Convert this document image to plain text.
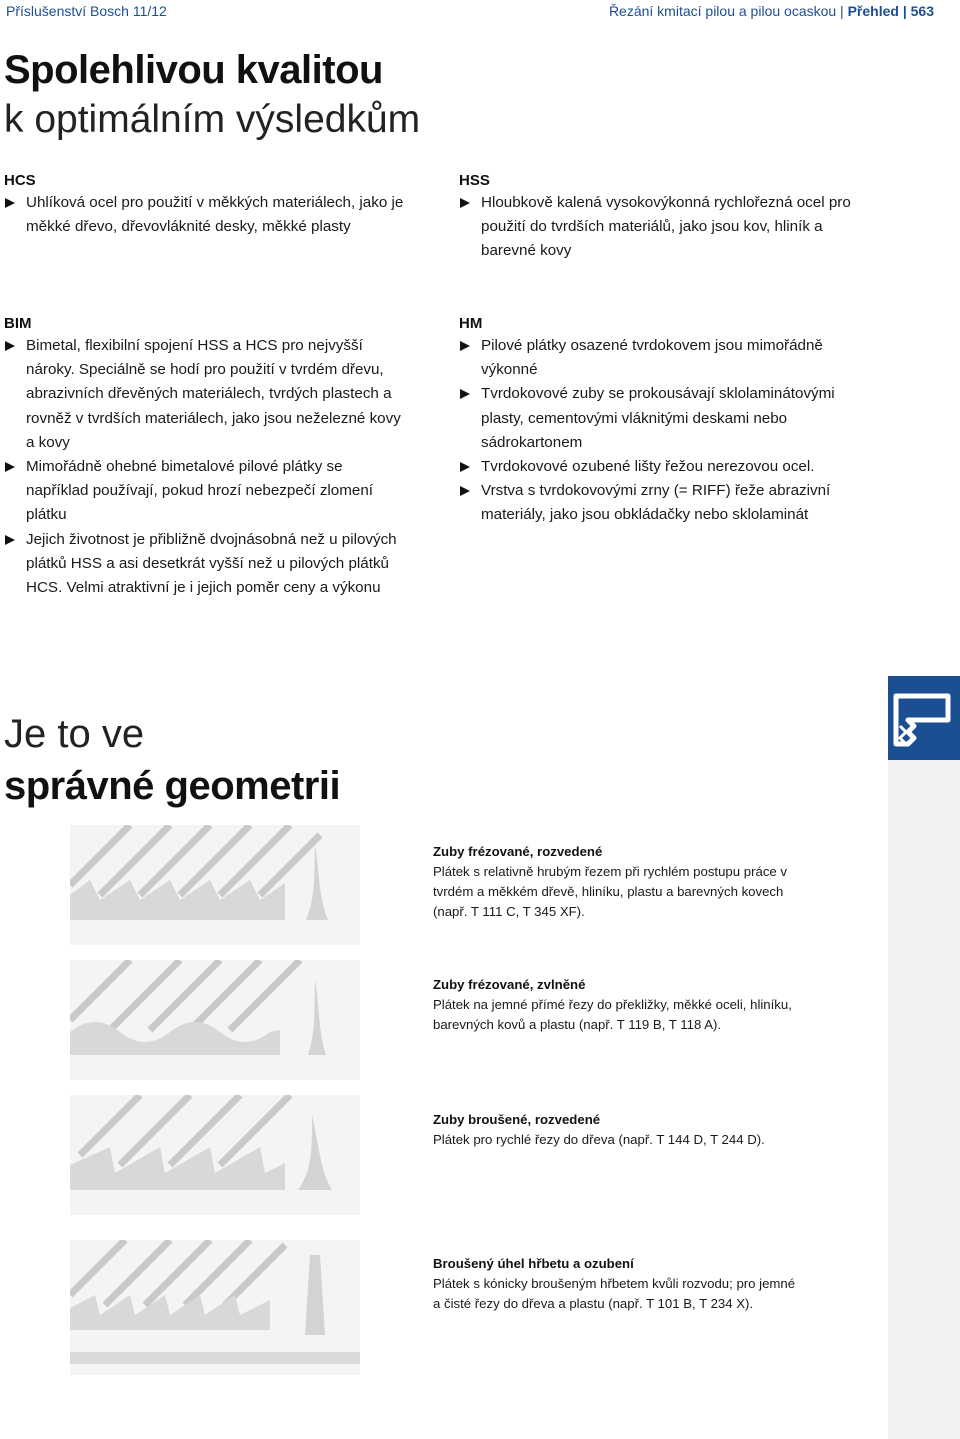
Příslušenství Bosch 11/12	Řezání kmitací pilou a pilou ocaskou | Přehled | 563
Spolehlivou kvalitou
k optimálním výsledkům
HCS
Uhlíková ocel pro použití v měkkých materiálech, jako je měkké dřevo, dřevovláknité desky, měkké plasty
HSS
Hloubkově kalená vysokovýkonná rychlořezná ocel pro použití do tvrdších materiálů, jako jsou kov, hliník a barevné kovy
BIM
Bimetal, flexibilní spojení HSS a HCS pro nejvyšší nároky. Speciálně se hodí pro použití v tvrdém dřevu, abrazivních dřevěných materiálech, tvrdých plastech a rovněž v tvrdších materiálech, jako jsou neželezné kovy a kovy
Mimořádně ohebné bimetalové pilové plátky se například používají, pokud hrozí nebezpečí zlomení plátku
Jejich životnost je přibližně dvojnásobná než u pilových plátků HSS a asi desetkrát vyšší než u pilových plátků HCS. Velmi atraktivní je i jejich poměr ceny a výkonu
HM
Pilové plátky osazené tvrdokovem jsou mimořádně výkonné
Tvrdokovové zuby se prokousávají sklolaminátovými plasty, cementovými vláknitými deskami nebo sádrokartonem
Tvrdokovové ozubené lišty řežou nerezovou ocel.
Vrstva s tvrdokovovými zrny (= RIFF) řeže abrazivní materiály, jako jsou obkládačky nebo sklolaminát
Je to ve
správné geometrii
Zuby frézované, rozvedené
Plátek s relativně hrubým řezem při rychlém postupu práce v tvrdém a měkkém dřevě, hliníku, plastu a barevných kovech (např. T 111 C, T 345 XF).
Zuby frézované, zvlněné
Plátek na jemné přímé řezy do překližky, měkké oceli, hliníku, barevných kovů a plastu (např. T 119 B, T 118 A).
Zuby broušené, rozvedené
Plátek pro rychlé řezy do dřeva (např. T 144 D, T 244 D).
Broušený úhel hřbetu a ozubení
Plátek s kónicky broušeným hřbetem kvůli rozvodu; pro jemné a čisté řezy do dřeva a plastu (např. T 101 B, T 234 X).
